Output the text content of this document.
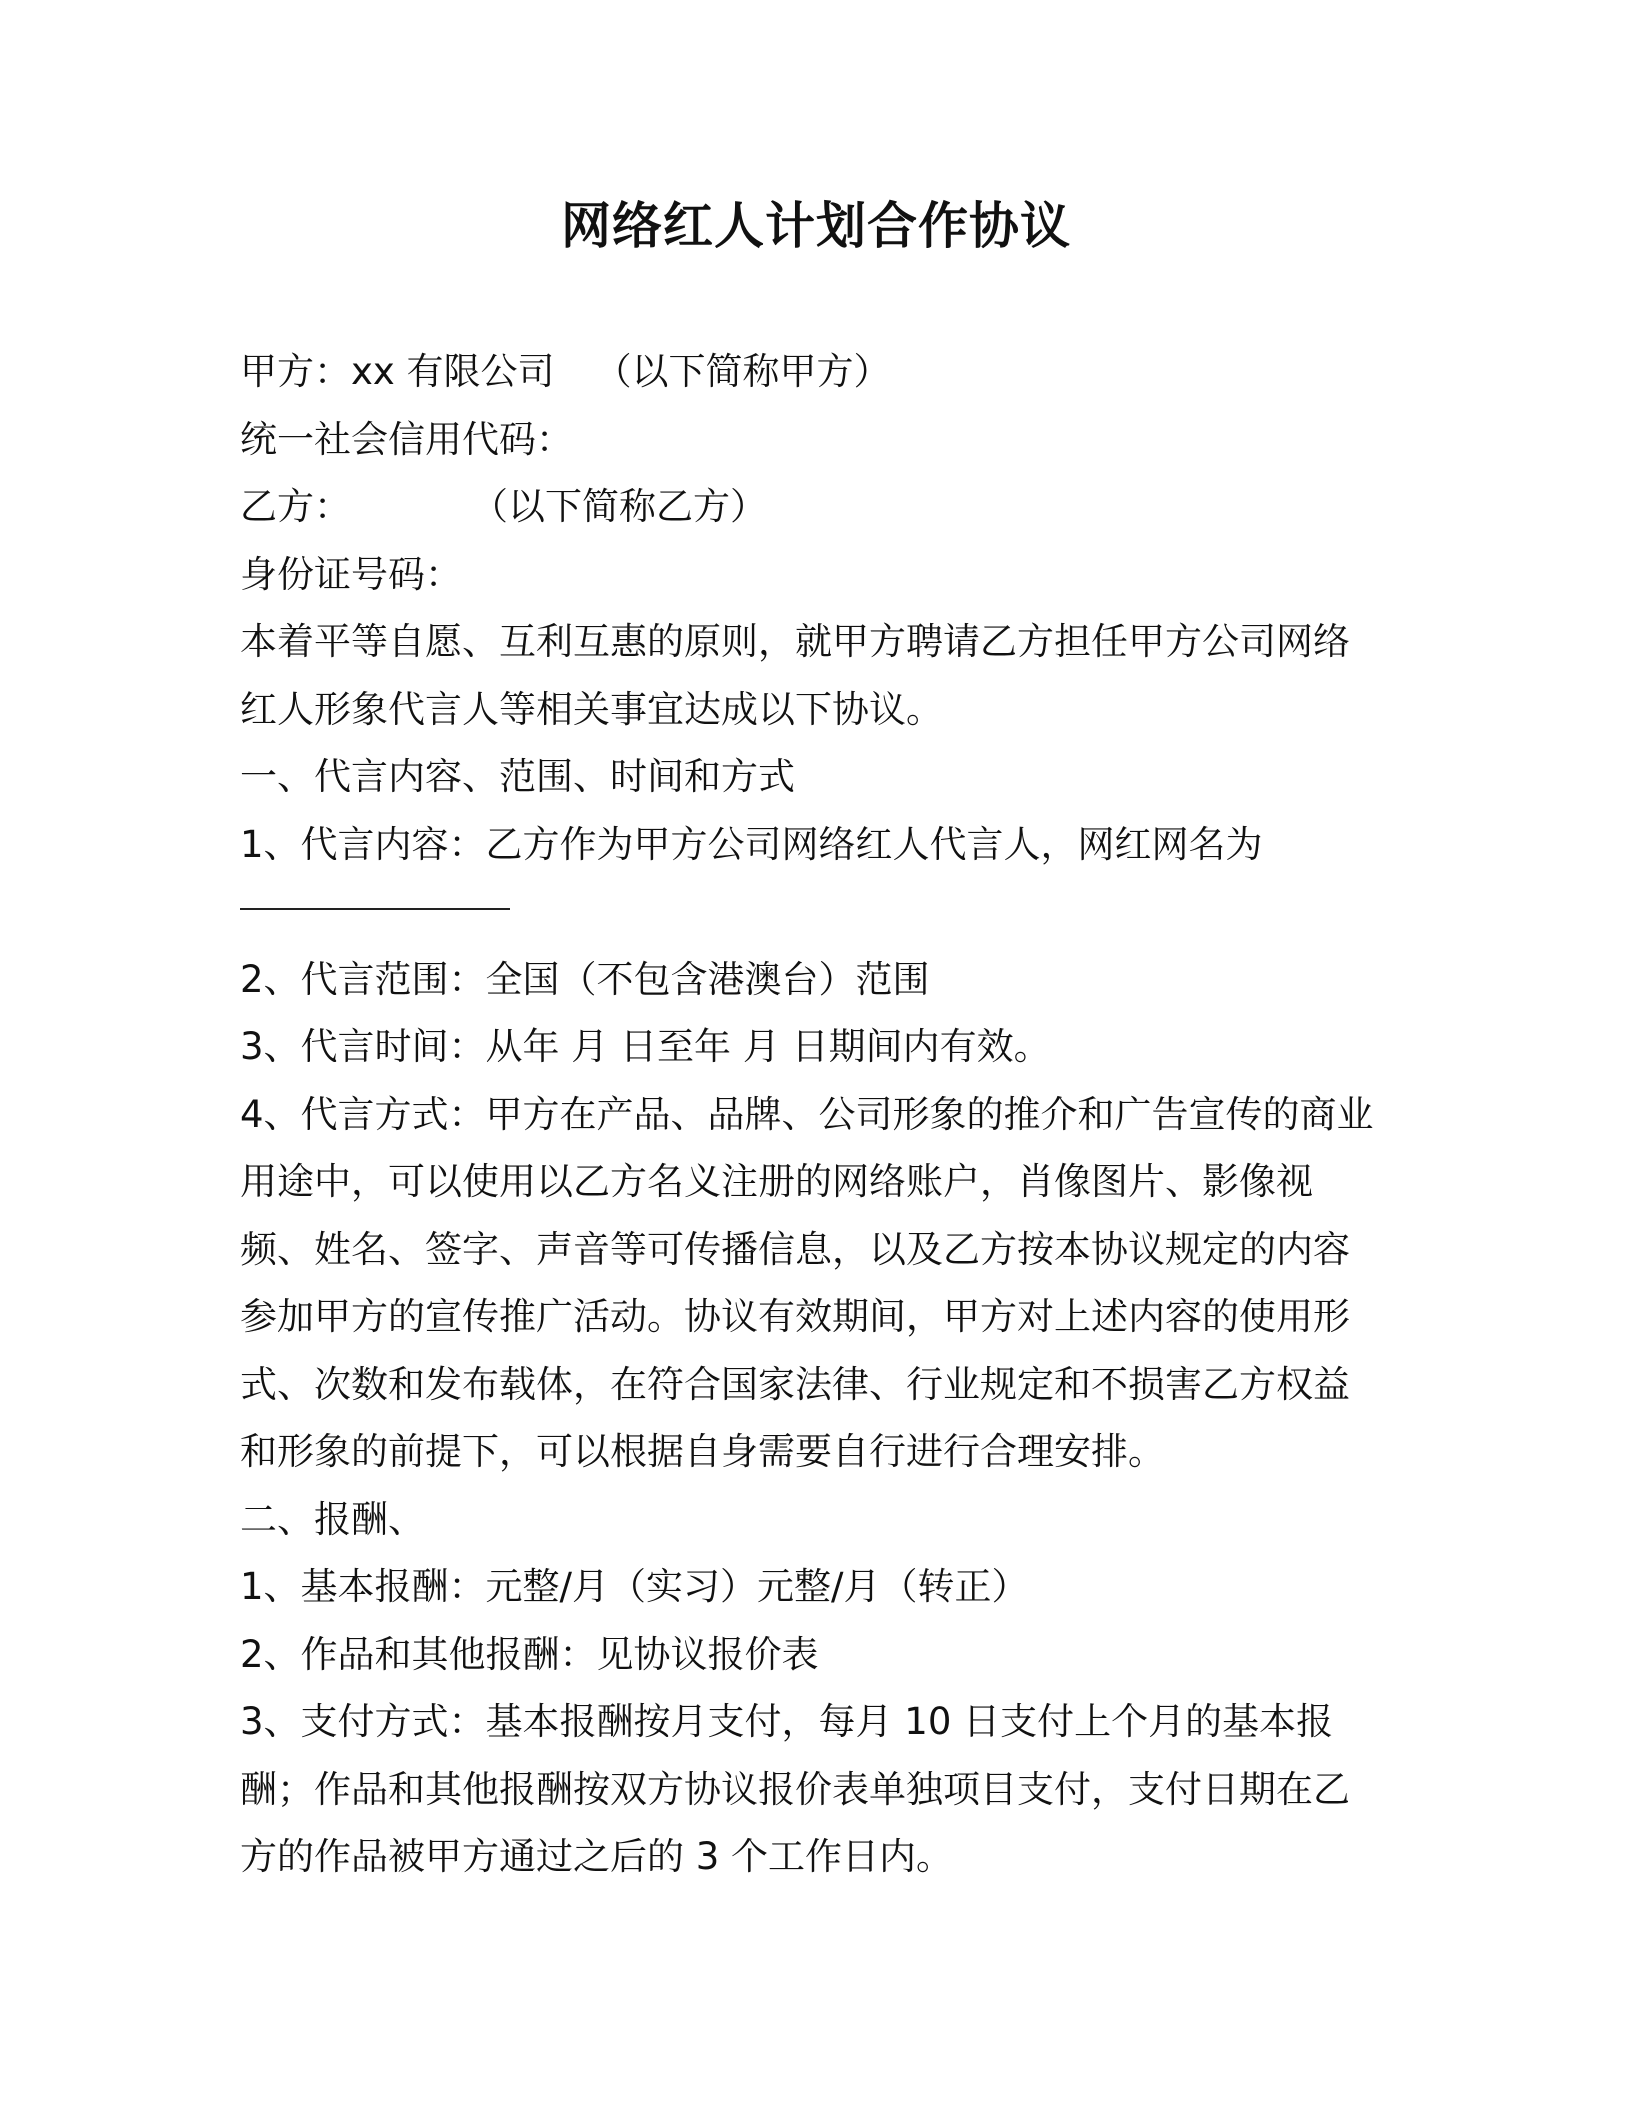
网络红人计划合作协议
甲方：xx 有限公司 （以下简称甲方）
统一社会信用代码：
乙方：	（以下简称乙方）
身份证号码：
本着平等自愿、互利互惠的原则，就甲方聘请乙方担任甲方公司网络
红人形象代言人等相关事宜达成以下协议。
一、代言内容、范围、时间和方式
1、代言内容：乙方作为甲方公司网络红人代言人，网红网名为
2、代言范围：全国（不包含港澳台）范围
3、代言时间：从年 月 日至年 月 日期间内有效。
4、代言方式：甲方在产品、品牌、公司形象的推介和广告宣传的商业
用途中，可以使用以乙方名义注册的网络账户，肖像图片、影像视
频、姓名、签字、声音等可传播信息，以及乙方按本协议规定的内容
参加甲方的宣传推广活动。协议有效期间，甲方对上述内容的使用形
式、次数和发布载体，在符合国家法律、行业规定和不损害乙方权益
和形象的前提下，可以根据自身需要自行进行合理安排。
二、报酬、
1、基本报酬：元整/月（实习）元整/月（转正）
2、作品和其他报酬：见协议报价表
3、支付方式：基本报酬按月支付，每月 10 日支付上个月的基本报
酬；作品和其他报酬按双方协议报价表单独项目支付，支付日期在乙
方的作品被甲方通过之后的 3 个工作日内。
